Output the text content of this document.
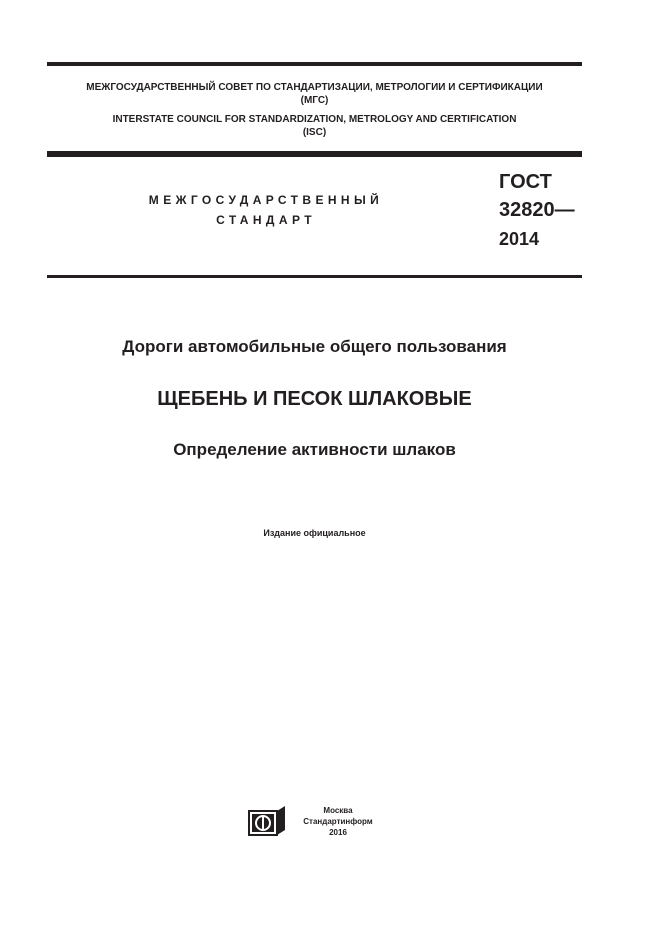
МЕЖГОСУДАРСТВЕННЫЙ СОВЕТ ПО СТАНДАРТИЗАЦИИ, МЕТРОЛОГИИ И СЕРТИФИКАЦИИ
(МГС)
INTERSTATE COUNCIL FOR STANDARDIZATION, METROLOGY AND CERTIFICATION
(ISC)
МЕЖГОСУДАРСТВЕННЫЙ
СТАНДАРТ
ГОСТ
32820—
2014
Дороги автомобильные общего пользования
ЩЕБЕНЬ И ПЕСОК ШЛАКОВЫЕ
Определение активности шлаков
Издание официальное
Москва
Стандартинформ
2016
